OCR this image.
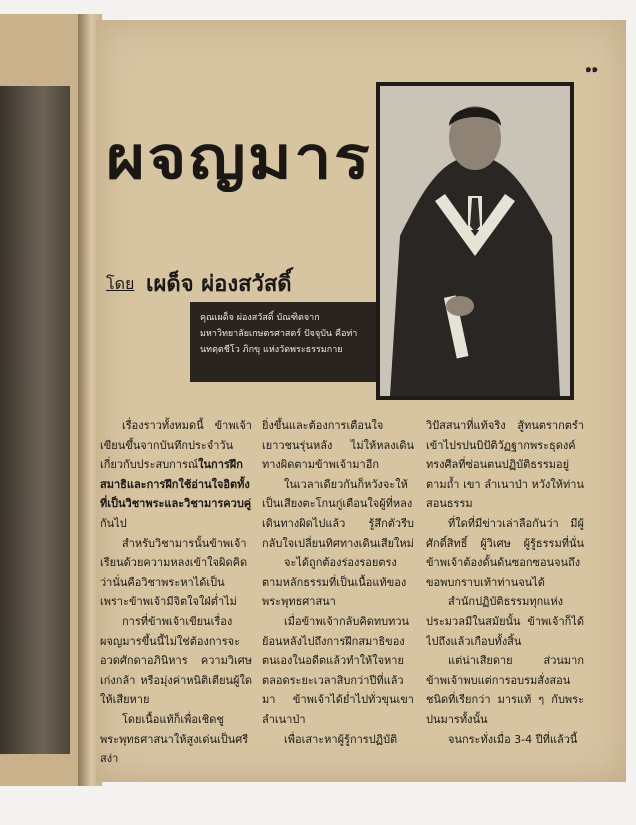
๑๑
ผจญมาร
โดย เผด็จ ผ่องสวัสดิ์
คุณเผด็จ ผ่องสวัสดิ์ บัณฑิตจากมหาวิทยาลัยเกษตรศาสตร์ ปัจจุบัน คือท่านทตฺตชีโว ภิกขุ แห่งวัดพระธรรมกาย

เรื่องราวทั้งหมดนี้ ข้าพเจ้าเขียนขึ้นจากบันทึกประจำวันเกี่ยวกับประสบการณ์ในการฝึกสมาธิและการฝึกใช้อ่านใจอิตทั้งที่เป็นวิชาพระและวิชามารควบคู่กันไป

สำหรับวิชามารนั้นข้าพเจ้าเรียนด้วยความหลงเข้าใจผิดคิดว่านั่นคือวิชาพระหาได้เป็นเพราะข้าพเจ้ามีจิตใจใฝ่ต่ำไม่

การที่ข้าพเจ้าเขียนเรื่องผจญมารขึ้นนี้ไม่ใช่ต้องการจะอวดศักดาอภินิหาร ความวิเศษเก่งกล้า หรือมุ่งค่าหนิติเตียนผู้ใดให้เสียหาย

โดยเนื้อแท้ก็เพื่อเชิดชูพระพุทธศาสนาให้สูงเด่นเป็นศรีสง่า

ยิ่งขึ้นและต้องการเตือนใจเยาวชนรุ่นหลัง ไม่ให้หลงเดินทางผิดตามข้าพเจ้ามาอีก

ในเวลาเดียวกันก็หวังจะให้เป็นเสียงตะโกนกู่เตือนใจผู้ที่หลงเดินทางผิดไปแล้ว รู้สึกตัวรีบกลับใจเปลี่ยนทิศทางเดินเสียใหม่

จะได้ถูกต้องร่องรอยตรงตามหลักธรรมที่เป็นเนื้อแท้ของพระพุทธศาสนา

เมื่อข้าพเจ้ากลับคิดทบทวนย้อนหลังไปถึงการฝึกสมาธิของตนเองในอดีตแล้วทำให้ใจหายตลอดระยะเวลาสิบกว่าปีที่แล้วมา ข้าพเจ้าได้ย่ำไปทั่วขุนเขาลำเนาป่า

เพื่อเสาะหาผู้รู้การปฏิบัติ

วิปัสสนาที่แท้จริง สู้ทนตรากตรำเข้าไปรปนบิปัติวัฏฐากพระธุดงค์ทรงศีลที่ซ่อนตนปฏิบัติธรรมอยู่ตามถ้ำ เขา ลำเนาป่า หวังให้ท่านสอนธรรม

ที่ใดที่มีข่าวเล่าลือกันว่า มีผู้ศักดิ์สิทธิ์ ผู้วิเศษ ผู้รู้ธรรมที่นั่นข้าพเจ้าต้องดั้นด้นซอกซอนจนถึง ขอพบกราบเท้าท่านจนได้

สำนักปฏิบัติธรรมทุกแห่งประมวลมีในสมัยนั้น ข้าพเจ้าก็ได้ไปถึงแล้วเกือบทั้งสิ้น

แต่น่าเสียดาย ส่วนมากข้าพเจ้าพบแต่การอบรมสั่งสอนชนิดที่เรียกว่า มารแท้ ๆ กับพระปนมารทั้งนั้น

จนกระทั่งเมื่อ 3-4 ปีที่แล้วนี้
